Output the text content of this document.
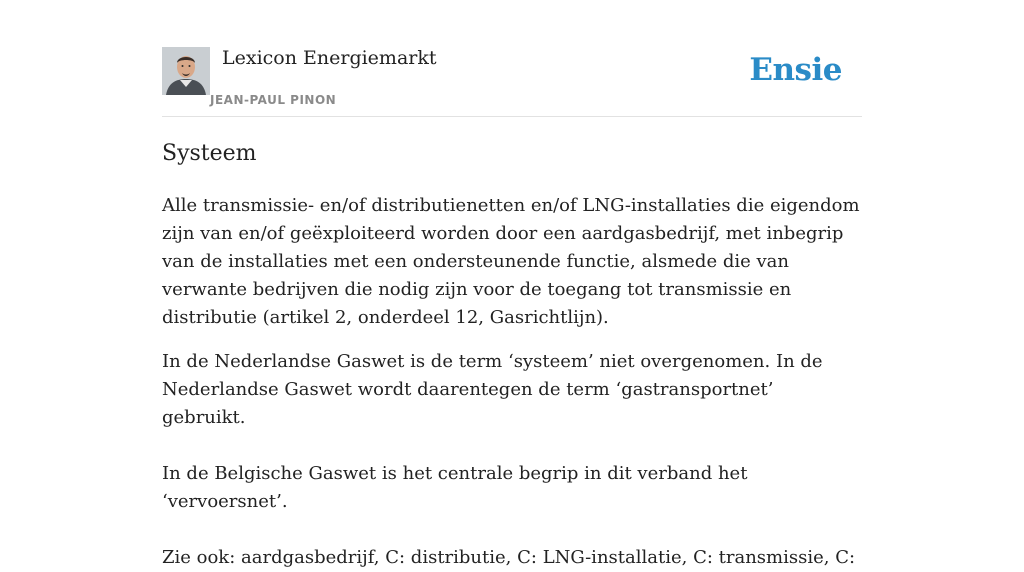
Lexicon Energiemarkt
JEAN-PAUL PINON
Ensie
Systeem

Alle transmissie- en/of distributienetten en/of LNG-installaties die eigendom zijn van en/of geëxploiteerd worden door een aardgasbedrijf, met inbegrip van de installaties met een ondersteunende functie, alsmede die van verwante bedrijven die nodig zijn voor de toegang tot transmissie en distributie (artikel 2, onderdeel 12, Gasrichtlijn).

In de Nederlandse Gaswet is de term ‘systeem’ niet overgenomen. In de Nederlandse Gaswet wordt daarentegen de term ‘gastransportnet’ gebruikt.

In de Belgische Gaswet is het centrale begrip in dit verband het ‘vervoersnet’.

Zie ook: aardgasbedrijf, C: distributie, C: LNG-installatie, C: transmissie, C:
